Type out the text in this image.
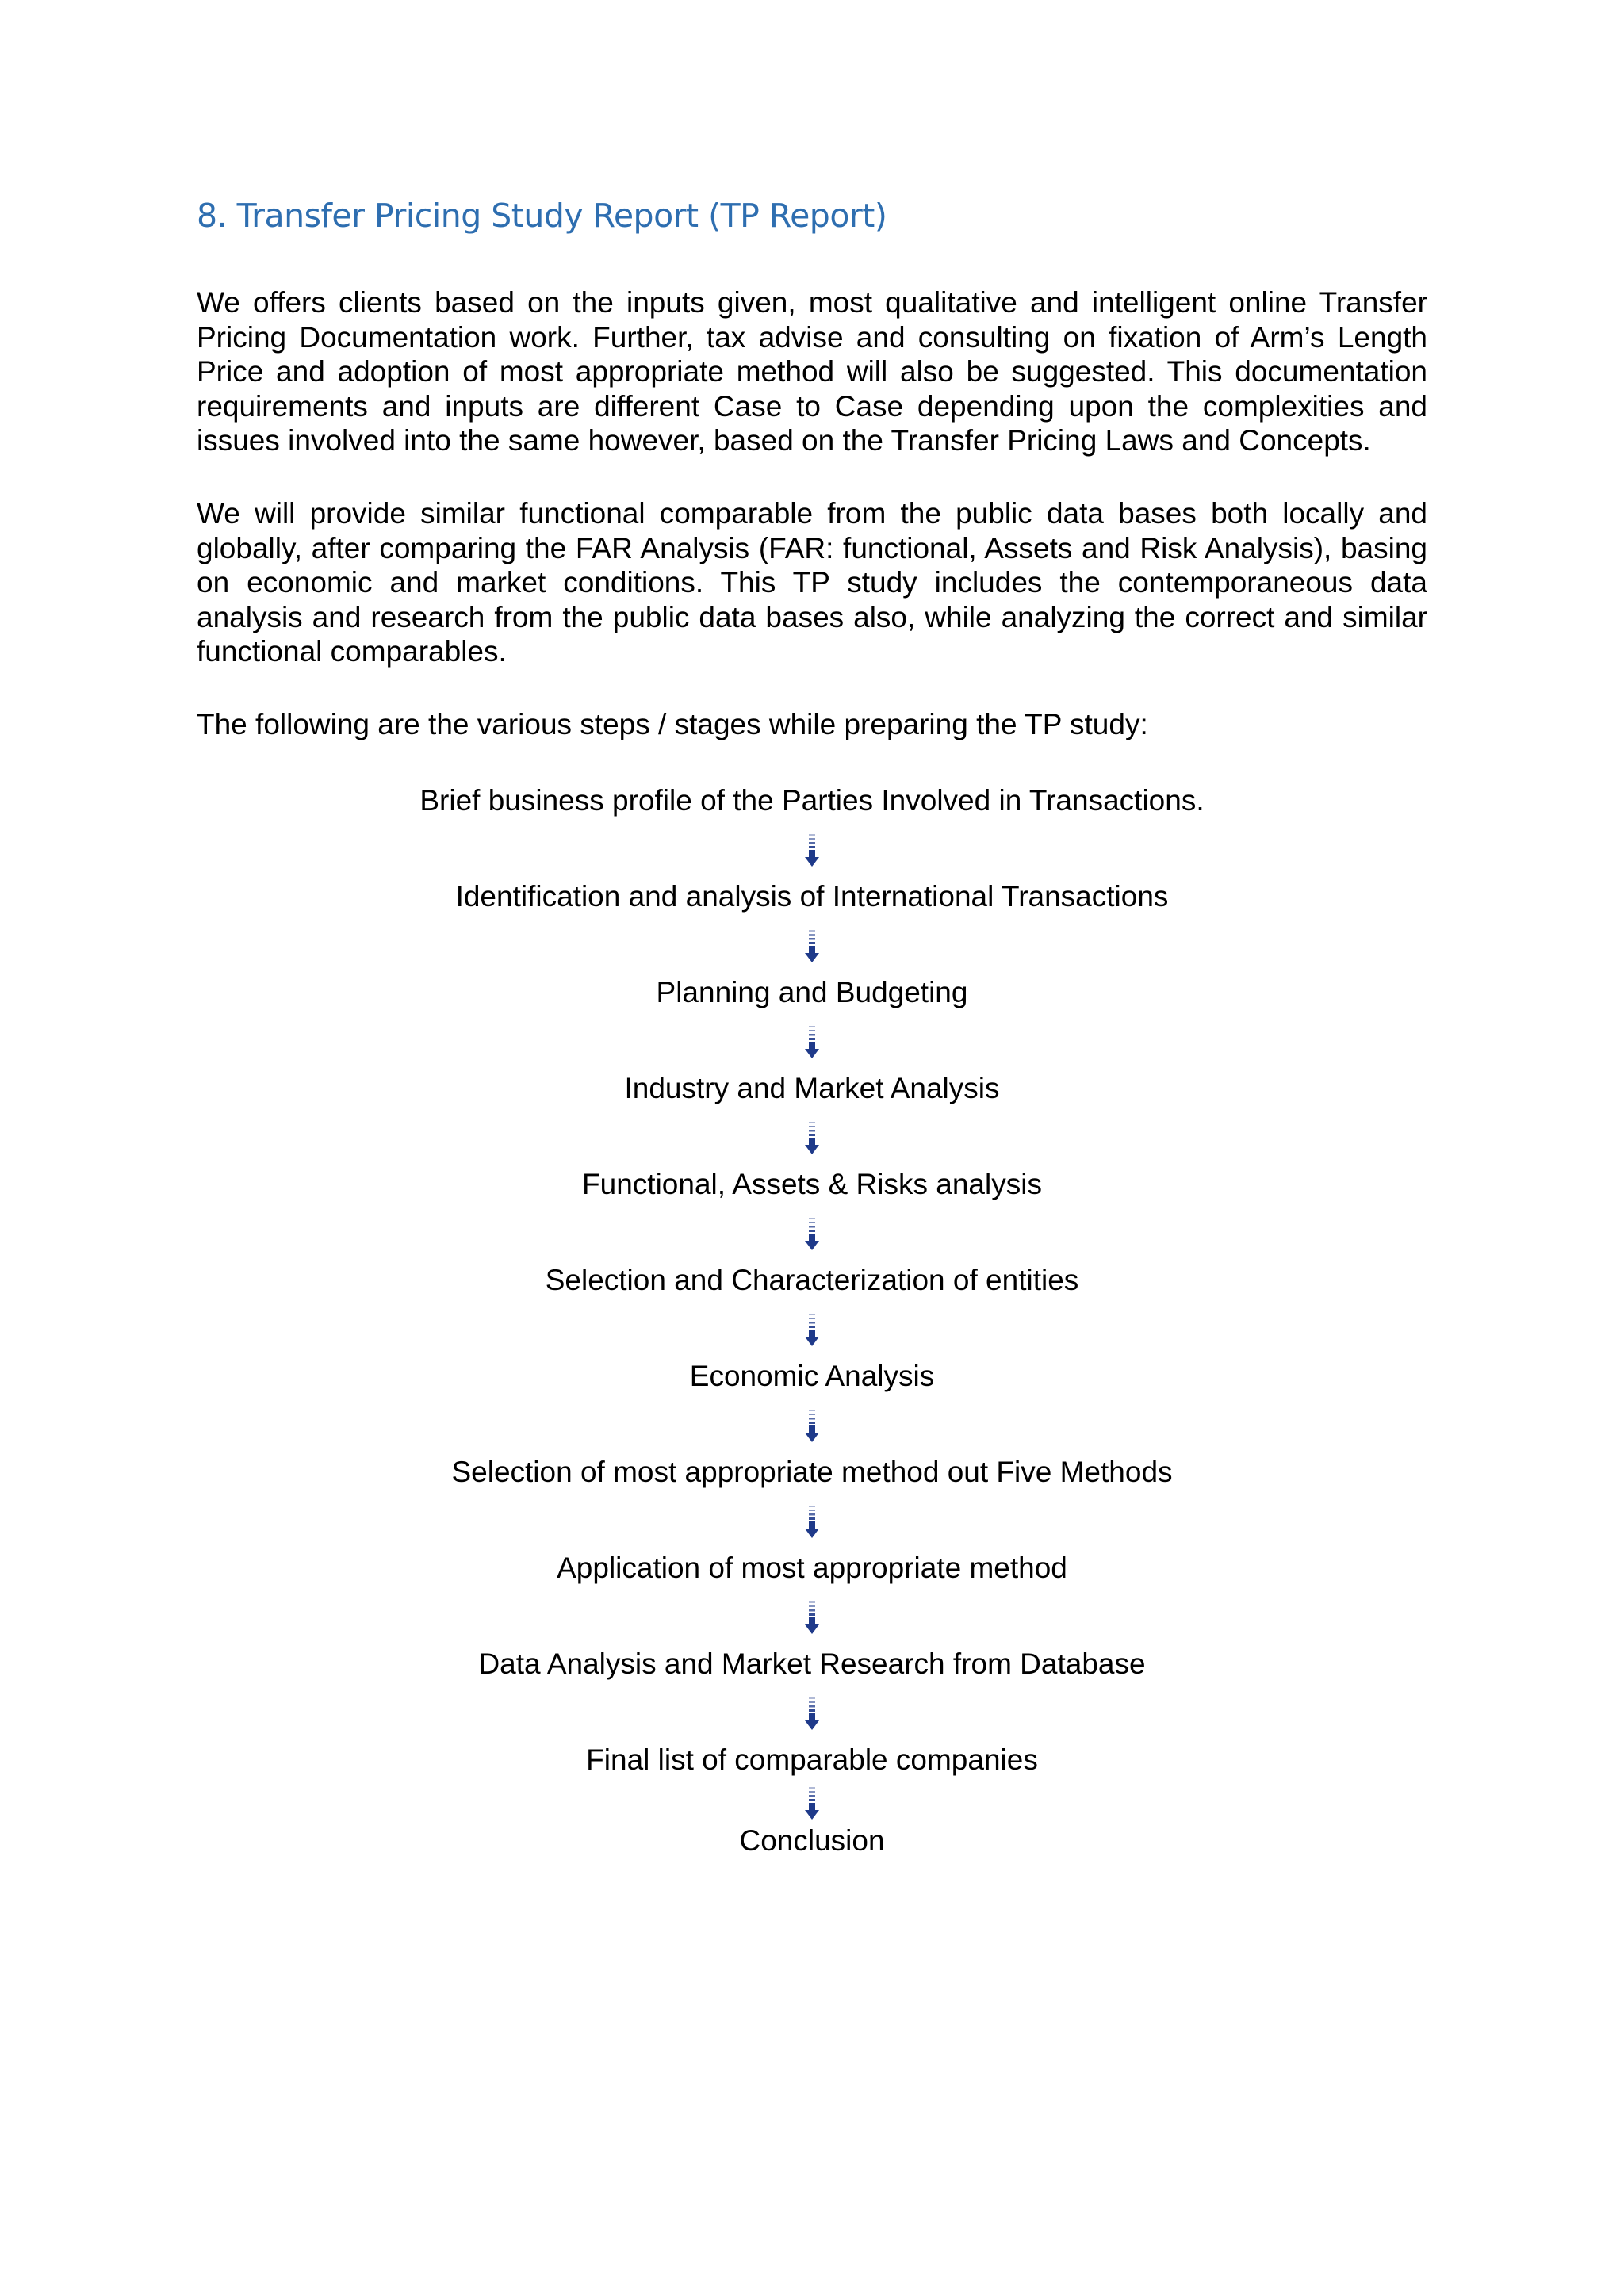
8. Transfer Pricing Study Report (TP Report)

We offers clients based on the inputs given, most qualitative and intelligent online Transfer Pricing Documentation work. Further, tax advise and consulting on fixation of Arm’s Length Price and adoption of most appropriate method will also be suggested. This documentation requirements and inputs are different Case to Case depending upon the complexities and issues involved into the same however, based on the Transfer Pricing Laws and Concepts.

We will provide similar functional comparable from the public data bases both locally and globally, after comparing the FAR Analysis (FAR: functional, Assets and Risk Analysis), basing on economic and market conditions. This TP study includes the contemporaneous data analysis and research from the public data bases also, while analyzing the correct and similar functional comparables.

The following are the various steps / stages while preparing the TP study:

Brief business profile of the Parties Involved in Transactions.
Identification and analysis of International Transactions
Planning and Budgeting
Industry and Market Analysis
Functional, Assets & Risks analysis
Selection and Characterization of entities
Economic Analysis
Selection of most appropriate method out Five Methods
Application of most appropriate method
Data Analysis and Market Research from Database
Final list of comparable companies
Conclusion
